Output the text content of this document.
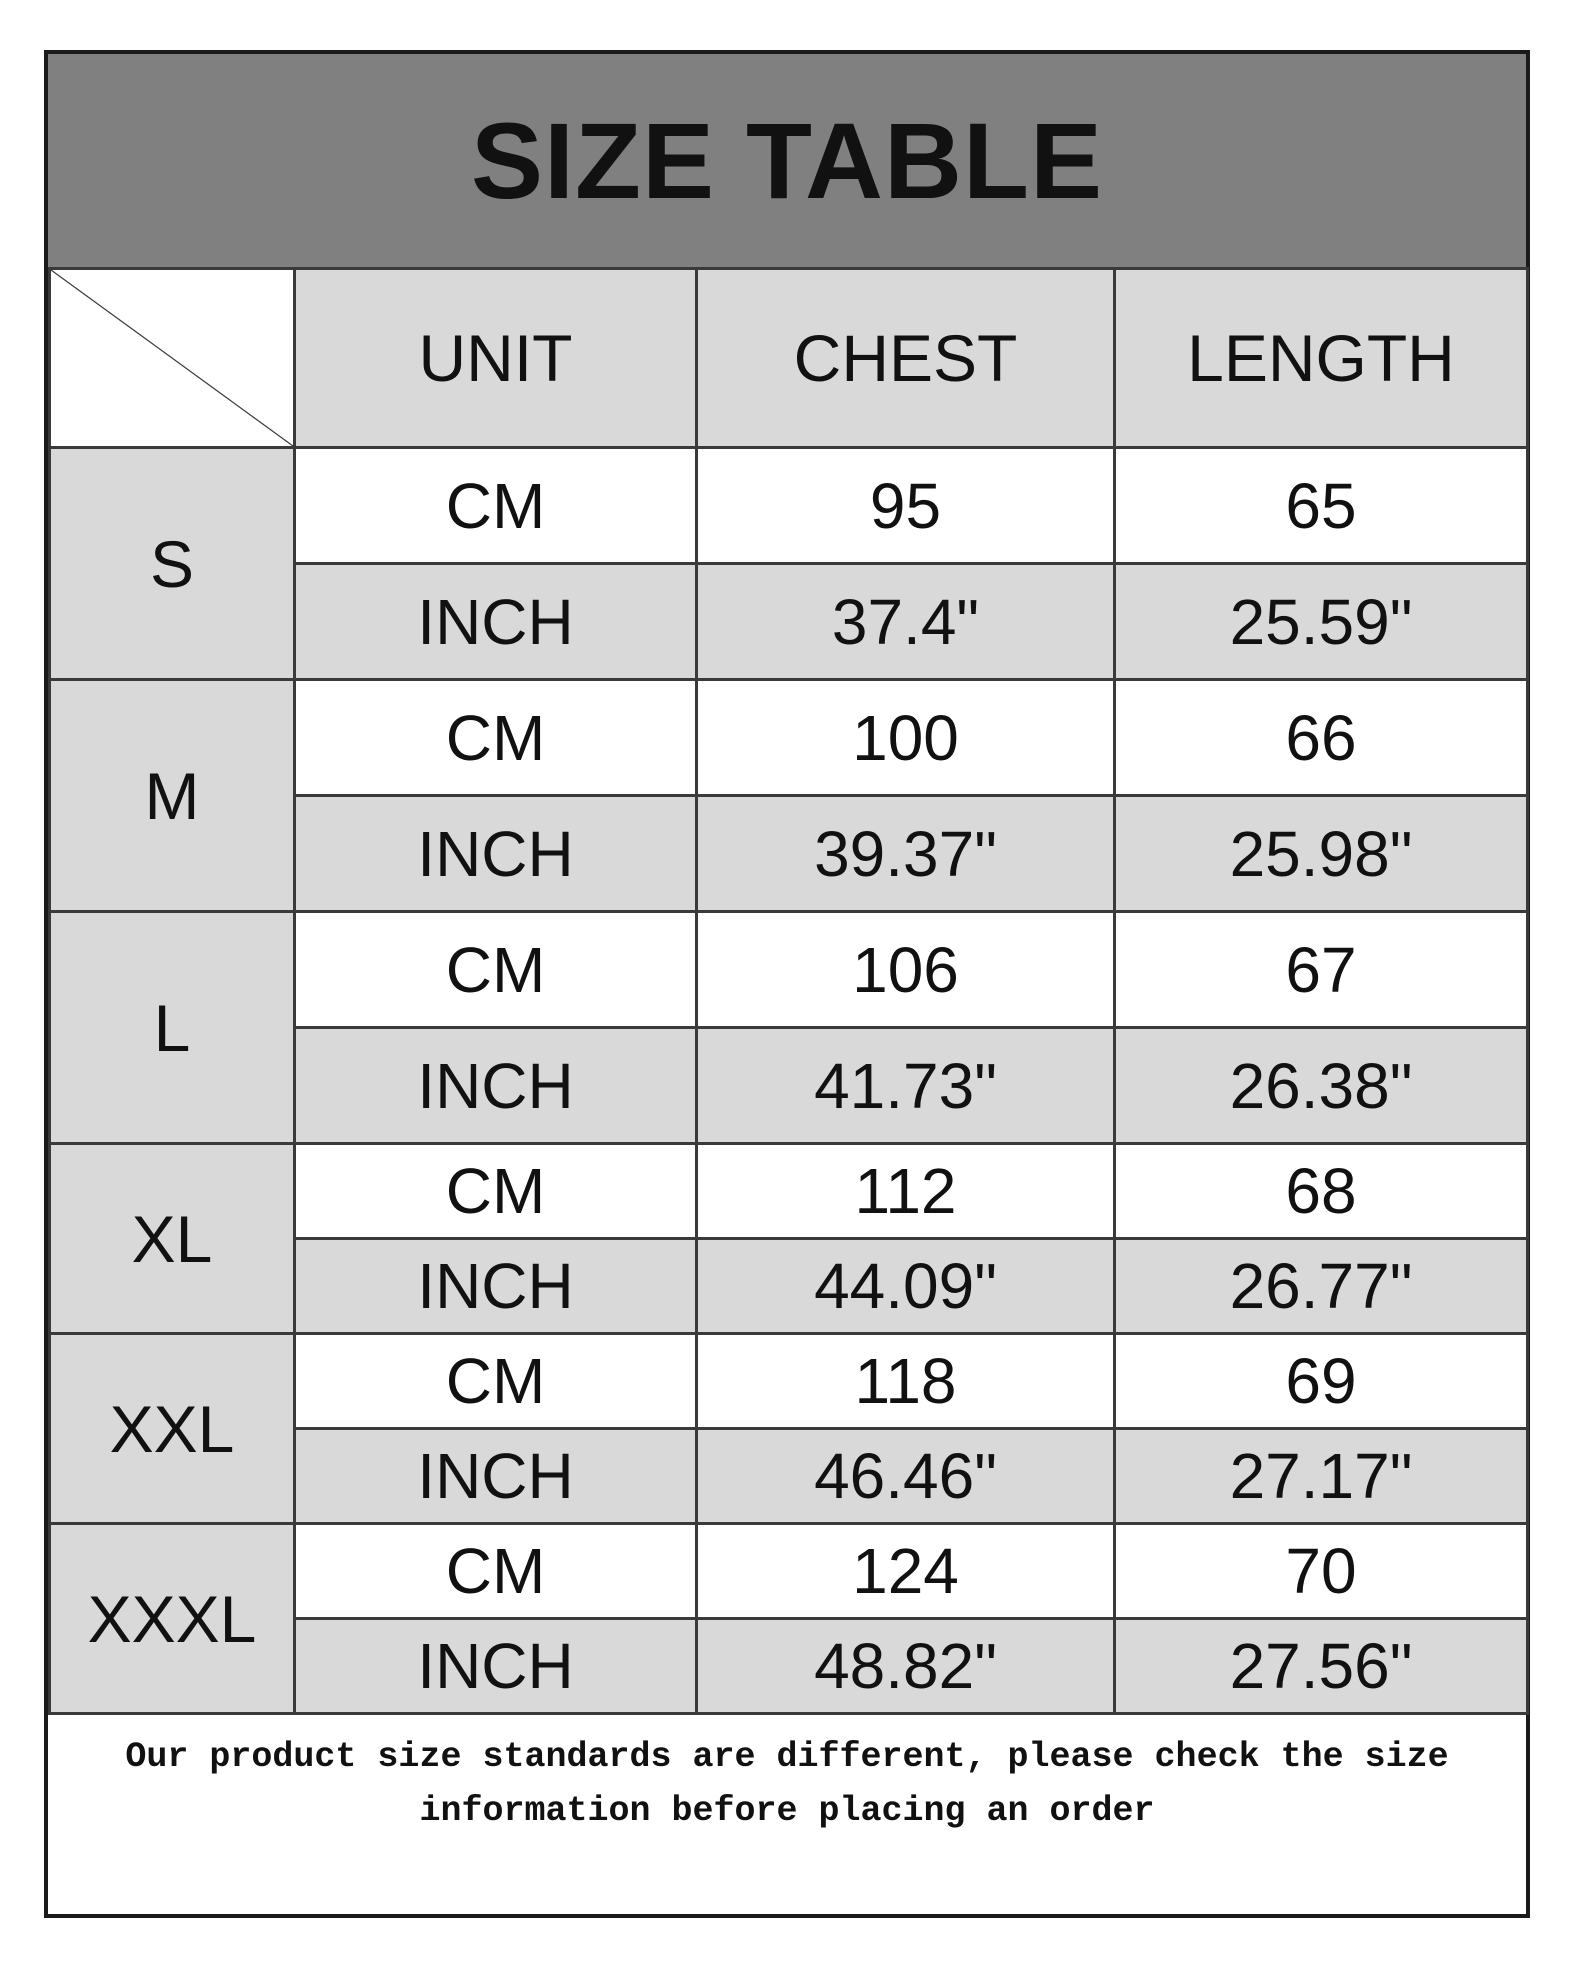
SIZE TABLE
	UNIT	CHEST	LENGTH
S	CM	95	65
	INCH	37.4"	25.59"
M	CM	100	66
	INCH	39.37"	25.98"
L	CM	106	67
	INCH	41.73"	26.38"
XL	CM	112	68
	INCH	44.09"	26.77"
XXL	CM	118	69
	INCH	46.46"	27.17"
XXXL	CM	124	70
	INCH	48.82"	27.56"
Our product size standards are different, please check the size information before placing an order
